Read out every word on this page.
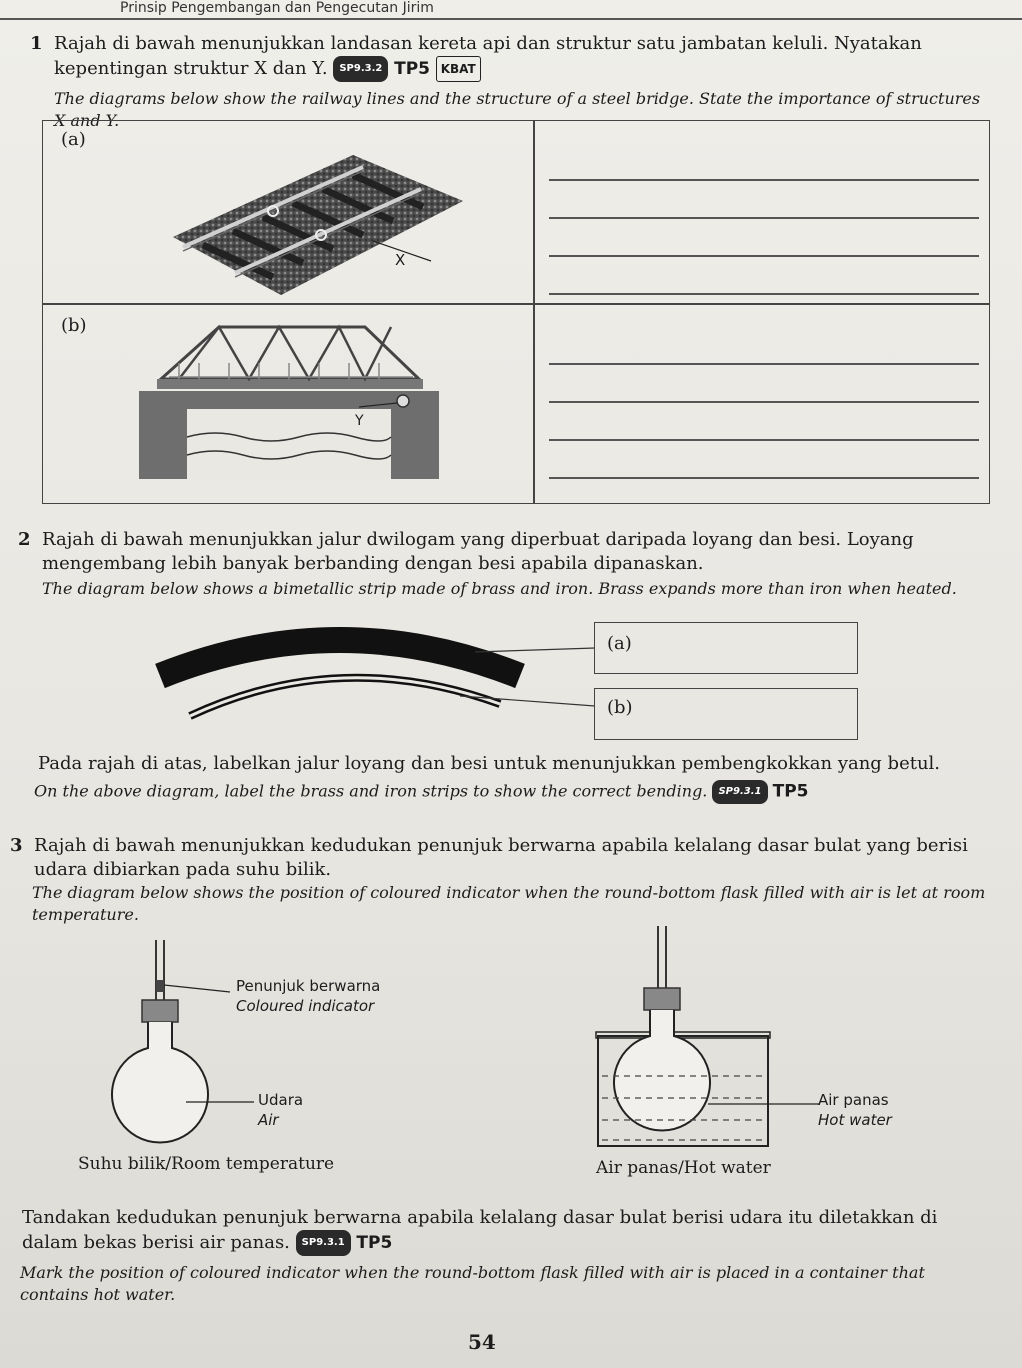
Prinsip Pengembangan dan Pengecutan Jirim
1 Rajah di bawah menunjukkan landasan kereta api dan struktur satu jambatan keluli. Nyatakan kepentingan struktur X dan Y. SP9.3.2 TP5 KBAT
The diagrams below show the railway lines and the structure of a steel bridge. State the importance of structures X and Y.
(a)
(b)
X
Y
2 Rajah di bawah menunjukkan jalur dwilogam yang diperbuat daripada loyang dan besi. Loyang mengembang lebih banyak berbanding dengan besi apabila dipanaskan.
The diagram below shows a bimetallic strip made of brass and iron. Brass expands more than iron when heated.
(a)
(b)
Pada rajah di atas, labelkan jalur loyang dan besi untuk menunjukkan pembengkokkan yang betul.
On the above diagram, label the brass and iron strips to show the correct bending. SP9.3.1 TP5
3 Rajah di bawah menunjukkan kedudukan penunjuk berwarna apabila kelalang dasar bulat yang berisi udara dibiarkan pada suhu bilik.
The diagram below shows the position of coloured indicator when the round-bottom flask filled with air is let at room temperature.
Penunjuk berwarna
Coloured indicator
Udara
Air
Suhu bilik/Room temperature
Air panas
Hot water
Air panas/Hot water
Tandakan kedudukan penunjuk berwarna apabila kelalang dasar bulat berisi udara itu diletakkan di dalam bekas berisi air panas. SP9.3.1 TP5
Mark the position of coloured indicator when the round-bottom flask filled with air is placed in a container that contains hot water.
54
